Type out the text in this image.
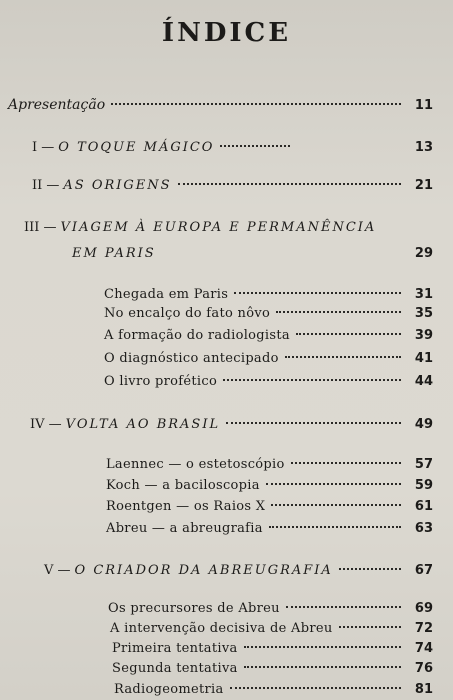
ÍNDICE
Apresentação	11
I — O TOQUE MÁGICO	13
II — AS ORIGENS	21
III — VIAGEM À EUROPA E PERMANÊNCIA
EM PARIS	29
Chegada em Paris	31
No encalço do fato nôvo	35
A formação do radiologista	39
O diagnóstico antecipado	41
O livro profético	44
IV — VOLTA AO BRASIL	49
Laennec — o estetoscópio	57
Koch — a baciloscopia	59
Roentgen — os Raios X	61
Abreu — a abreugrafia	63
V — O CRIADOR DA ABREUGRAFIA	67
Os precursores de Abreu	69
A intervenção decisiva de Abreu	72
Primeira tentativa	74
Segunda tentativa	76
Radiogeometria	81
